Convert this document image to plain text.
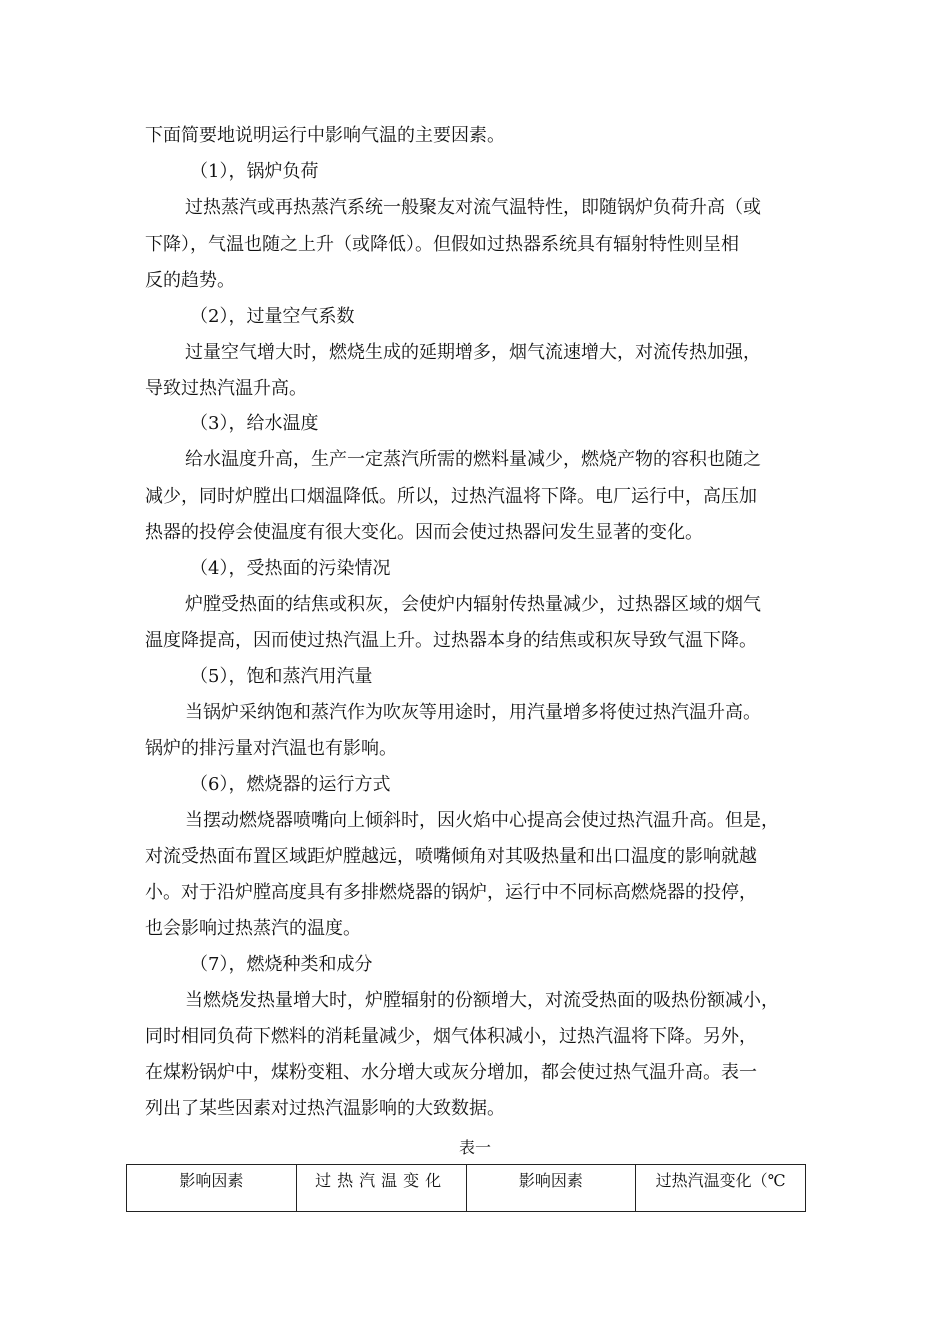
下面简要地说明运行中影响气温的主要因素。
（1），锅炉负荷
过热蒸汽或再热蒸汽系统一般聚友对流气温特性，即随锅炉负荷升高（或
下降），气温也随之上升（或降低）。但假如过热器系统具有辐射特性则呈相
反的趋势。
（2），过量空气系数
过量空气增大时，燃烧生成的延期增多，烟气流速增大，对流传热加强，
导致过热汽温升高。
（3），给水温度
给水温度升高，生产一定蒸汽所需的燃料量减少，燃烧产物的容积也随之
减少，同时炉膛出口烟温降低。所以，过热汽温将下降。电厂运行中，高压加
热器的投停会使温度有很大变化。因而会使过热器问发生显著的变化。
（4），受热面的污染情况
炉膛受热面的结焦或积灰，会使炉内辐射传热量减少，过热器区域的烟气
温度降提高，因而使过热汽温上升。过热器本身的结焦或积灰导致气温下降。
（5），饱和蒸汽用汽量
当锅炉采纳饱和蒸汽作为吹灰等用途时，用汽量增多将使过热汽温升高。
锅炉的排污量对汽温也有影响。
（6），燃烧器的运行方式
当摆动燃烧器喷嘴向上倾斜时，因火焰中心提高会使过热汽温升高。但是，
对流受热面布置区域距炉膛越远，喷嘴倾角对其吸热量和出口温度的影响就越
小。对于沿炉膛高度具有多排燃烧器的锅炉，运行中不同标高燃烧器的投停，
也会影响过热蒸汽的温度。
（7），燃烧种类和成分
当燃烧发热量增大时，炉膛辐射的份额增大，对流受热面的吸热份额减小，
同时相同负荷下燃料的消耗量减少，烟气体积减小，过热汽温将下降。另外，
在煤粉锅炉中，煤粉变粗、水分增大或灰分增加，都会使过热气温升高。表一
列出了某些因素对过热汽温影响的大致数据。
表一
影响因素	过热汽温变化	影响因素	过热汽温变化（℃
